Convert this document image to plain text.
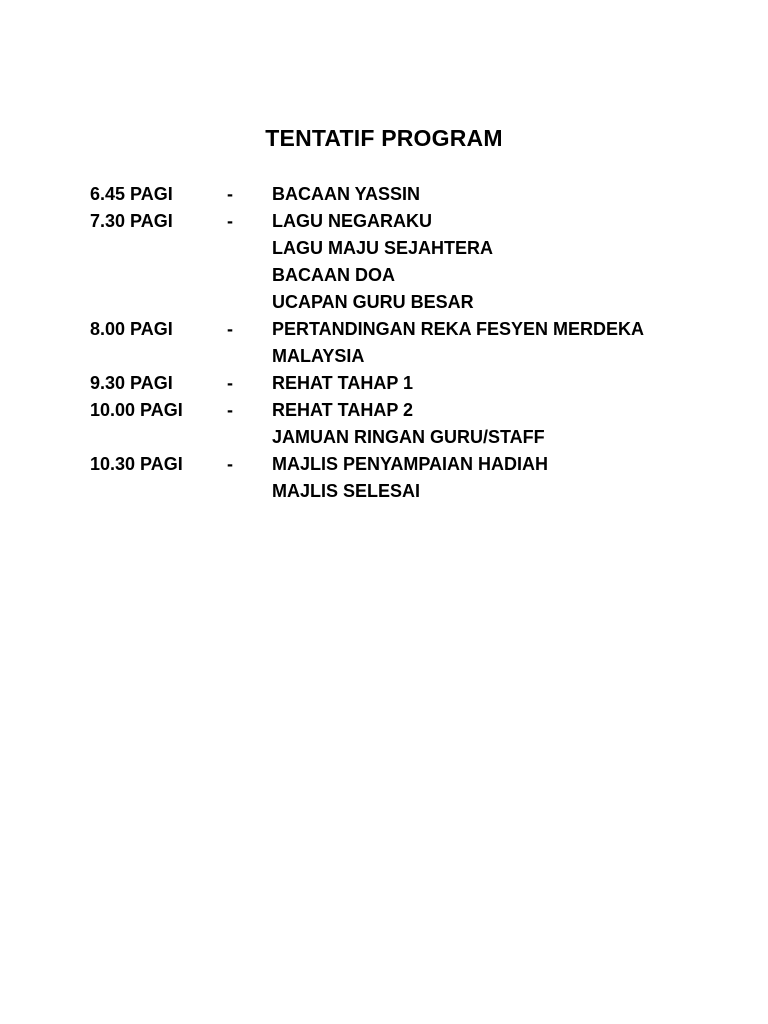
TENTATIF PROGRAM
6.45 PAGI	-	BACAAN YASSIN
7.30 PAGI	-	LAGU NEGARAKU
LAGU MAJU SEJAHTERA
BACAAN DOA
UCAPAN GURU BESAR
8.00 PAGI	-	PERTANDINGAN REKA FESYEN MERDEKA
MALAYSIA
9.30 PAGI	-	REHAT TAHAP 1
10.00 PAGI	-	REHAT TAHAP 2
JAMUAN RINGAN GURU/STAFF
10.30 PAGI	-	MAJLIS PENYAMPAIAN HADIAH
MAJLIS SELESAI
